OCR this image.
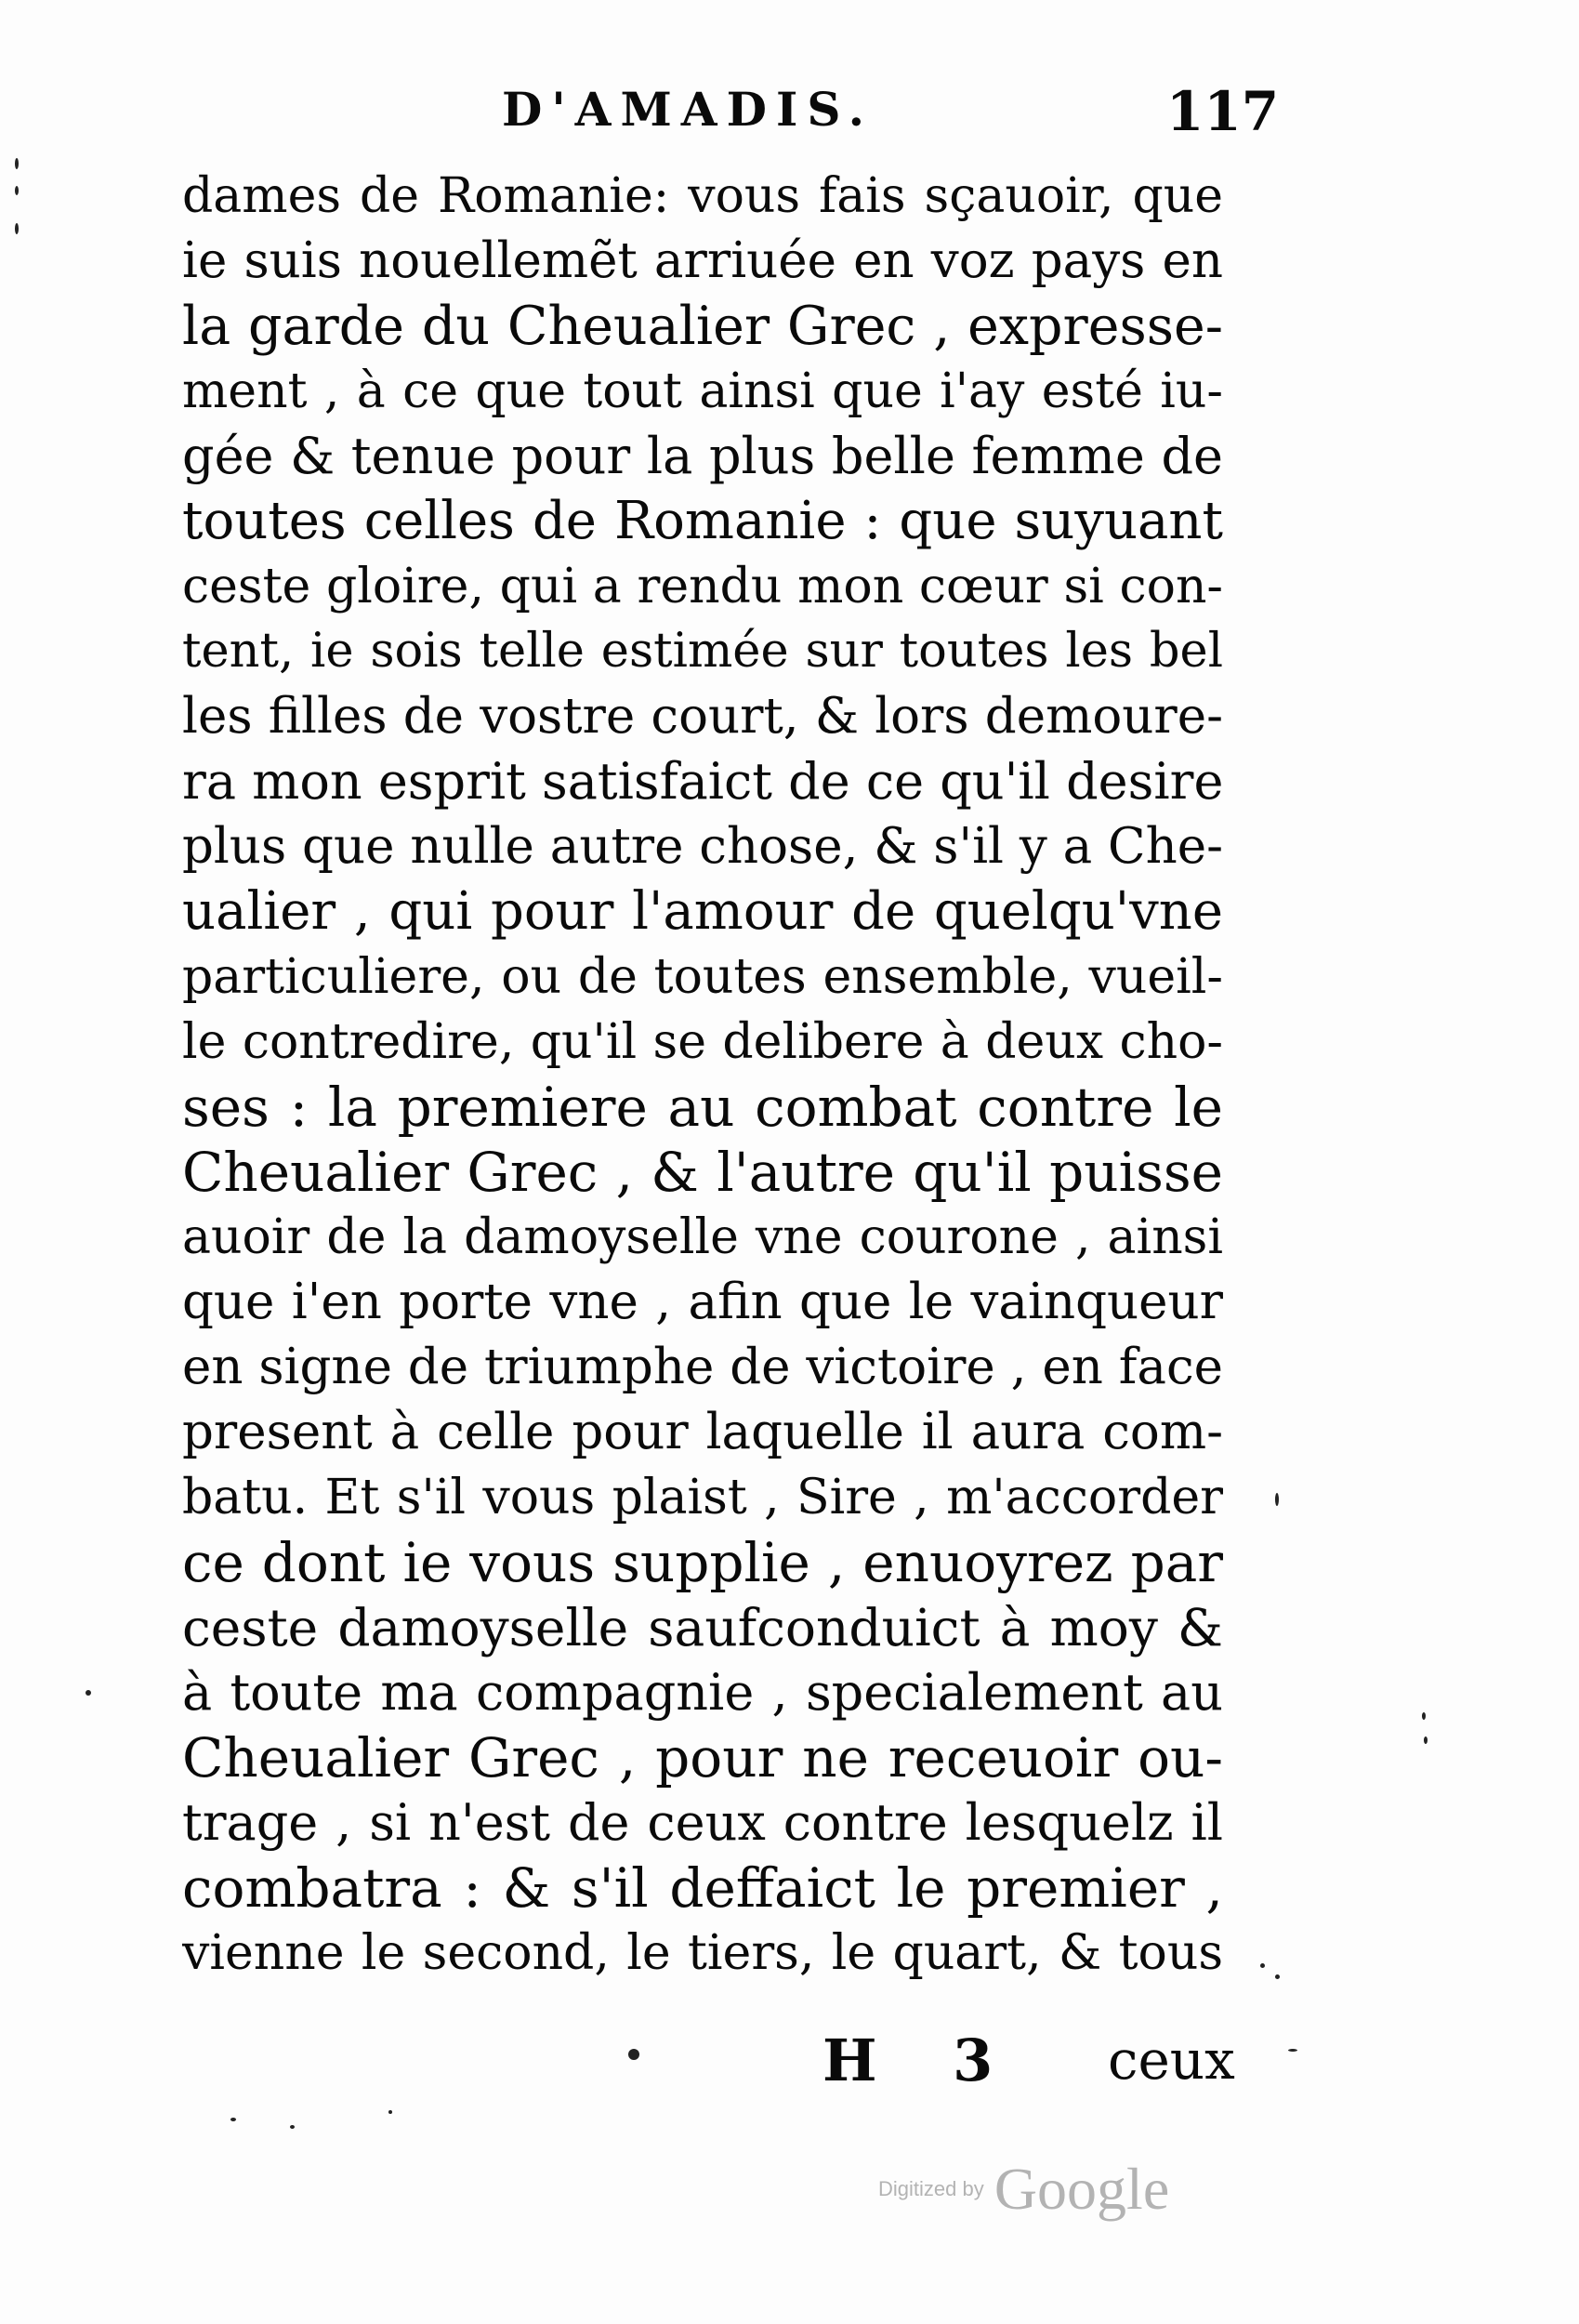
D'AMADIS.	117
dames de Romanie: vous fais sçauoir, que
ie suis nouellemẽt arriuée en voz pays en
la garde du Cheualier Grec , expresse-
ment , à ce que tout ainsi que i'ay esté iu-
gée & tenue pour la plus belle femme de
toutes celles de Romanie : que suyuant
ceste gloire, qui a rendu mon cœur si con-
tent, ie sois telle estimée sur toutes les bel
les filles de vostre court, & lors demoure-
ra mon esprit satisfaict de ce qu'il desire
plus que nulle autre chose, & s'il y a Che-
ualier , qui pour l'amour de quelqu'vne
particuliere, ou de toutes ensemble, vueil-
le contredire, qu'il se delibere à deux cho-
ses : la premiere au combat contre le
Cheualier Grec , & l'autre qu'il puisse
auoir de la damoyselle vne courone , ainsi
que i'en porte vne , afin que le vainqueur
en signe de triumphe de victoire , en face
present à celle pour laquelle il aura com-
batu. Et s'il vous plaist , Sire , m'accorder
ce dont ie vous supplie , enuoyrez par
ceste damoyselle saufconduict à moy &
à toute ma compagnie , specialement au
Cheualier Grec , pour ne receuoir ou-
trage , si n'est de ceux contre lesquelz il
combatra : & s'il deffaict le premier ,
vienne le second, le tiers, le quart, & tous
H 3 ceux
Digitized by Google
